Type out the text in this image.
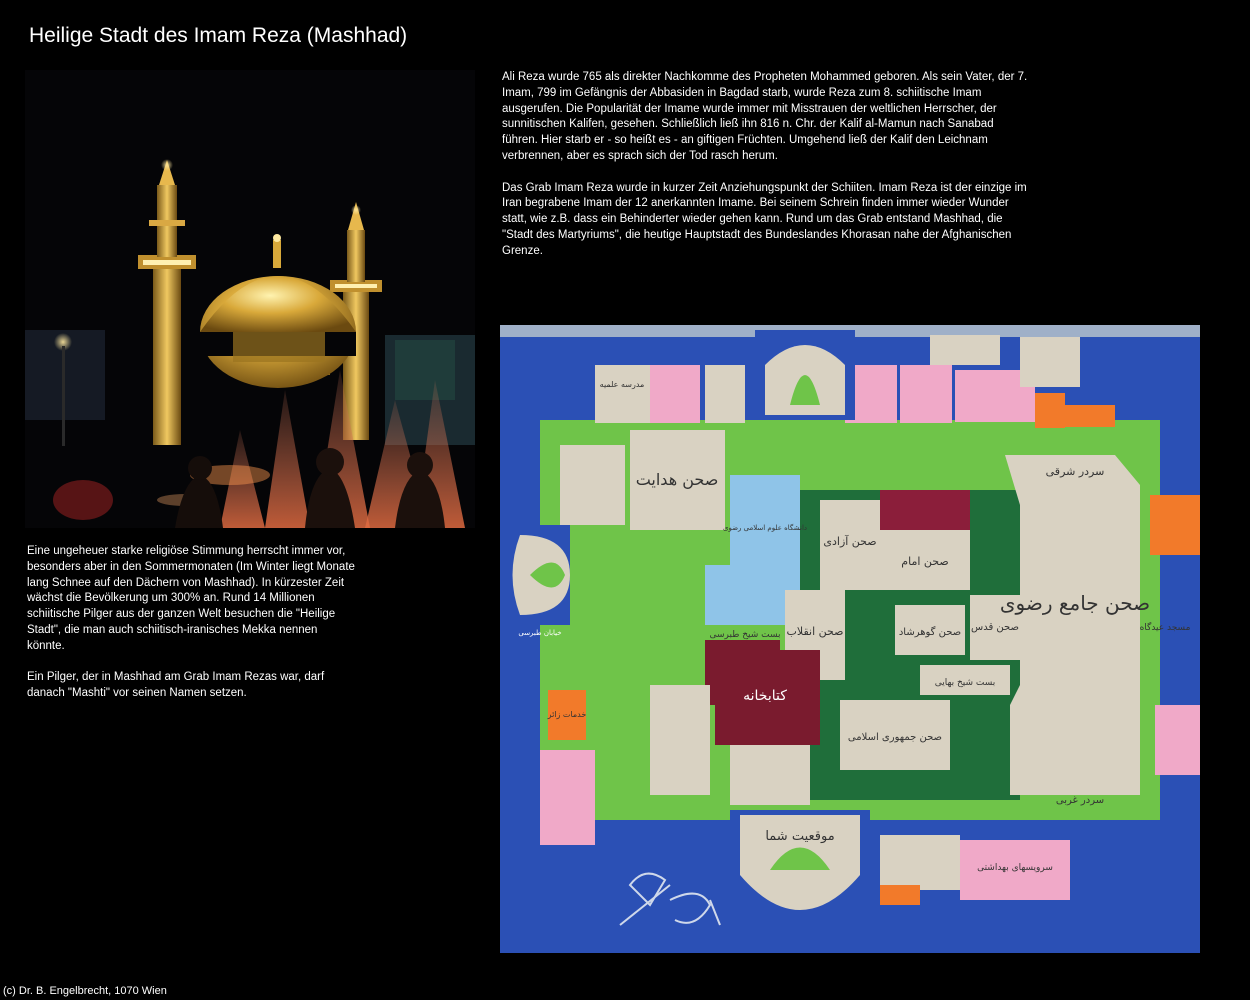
Heilige Stadt des Imam Reza (Mashhad)

Eine ungeheuer starke religiöse Stimmung herrscht immer vor, besonders aber in den Sommermonaten (Im Winter liegt Monate lang Schnee auf den Dächern von Mashhad). In kürzester Zeit wächst die Bevölkerung um 300% an. Rund 14 Millionen schiitische Pilger aus der ganzen Welt besuchen die "Heilige Stadt", die man auch schiitisch-iranisches Mekka nennen könnte.

Ein Pilger, der in Mashhad am Grab Imam Rezas war, darf danach "Mashti" vor seinen Namen setzen.

Ali Reza wurde 765 als direkter Nachkomme des Propheten Mohammed geboren. Als sein Vater, der 7. Imam, 799 im Gefängnis der Abbasiden in Bagdad starb, wurde Reza zum 8. schiitische Imam ausgerufen. Die Popularität der Imame wurde immer mit Misstrauen der weltlichen Herrscher, der sunnitischen Kalifen, gesehen. Schließlich ließ ihn 816 n. Chr. der Kalif al-Mamun nach Sanabad führen. Hier starb er - so heißt es - an giftigen Früchten. Umgehend ließ der Kalif den Leichnam verbrennen, aber es sprach sich der Tod rasch herum.

Das Grab Imam Reza wurde in kurzer Zeit Anziehungspunkt der Schiiten. Imam Reza ist der einzige im Iran begrabene Imam der 12 anerkannten Imame. Bei seinem Schrein finden immer wieder Wunder statt, wie z.B. dass ein Behinderter wieder gehen kann. Rund um das Grab entstand Mashhad, die "Stadt des Martyriums", die heutige Hauptstadt des Bundeslandes Khorasan nahe der Afghanischen Grenze.

صحن هدایت
صحن آزادی
صحن امام
صحن انقلاب
کتابخانه
صحن گوهرشاد صحن قدس
بست شیخ بهایی
صحن جمهوری اسلامی
بست شیخ طبرسی
صحن جامع رضوی
سردر شرقی
سردر غربی
مسجد عیدگاه
موقعیت شما
خدمات زائر
مدرسه علمیه
دانشگاه علوم اسلامی رضوی
سرویسهای بهداشتی
خیابان طبرسی
(c) Dr. B. Engelbrecht, 1070 Wien
